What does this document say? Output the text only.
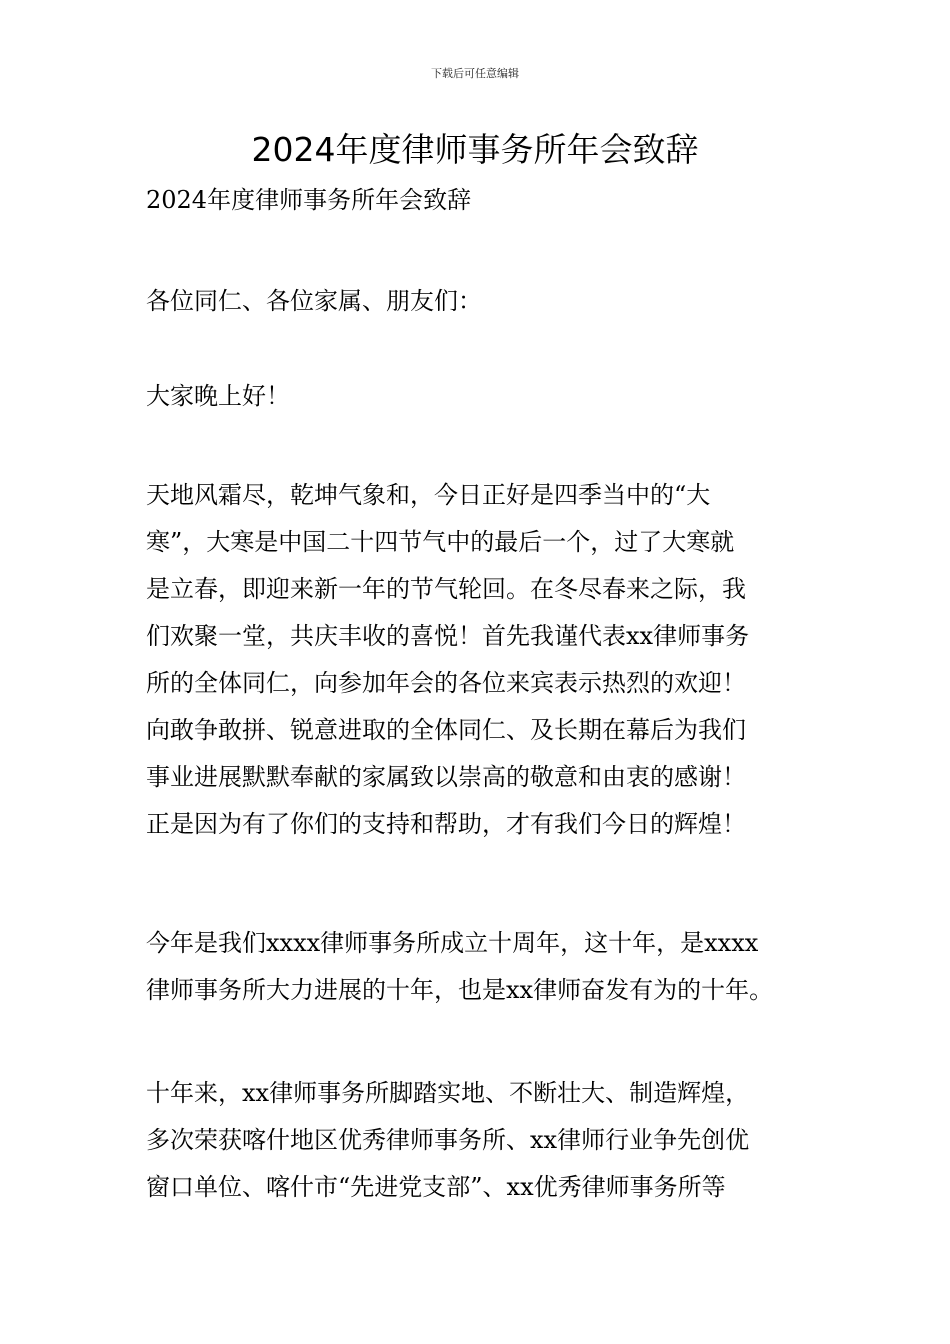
下载后可任意编辑
2024年度律师事务所年会致辞
2024年度律师事务所年会致辞

各位同仁、各位家属、朋友们：

大家晚上好！

天地风霜尽，乾坤气象和，今日正好是四季当中的“大
寒”，大寒是中国二十四节气中的最后一个，过了大寒就
是立春，即迎来新一年的节气轮回。在冬尽春来之际，我
们欢聚一堂，共庆丰收的喜悦！首先我谨代表xx律师事务
所的全体同仁，向参加年会的各位来宾表示热烈的欢迎！
向敢争敢拼、锐意进取的全体同仁、及长期在幕后为我们
事业进展默默奉献的家属致以崇高的敬意和由衷的感谢！
正是因为有了你们的支持和帮助，才有我们今日的辉煌！
今年是我们xxxx律师事务所成立十周年，这十年，是xxxx
律师事务所大力进展的十年，也是xx律师奋发有为的十年。
十年来，xx律师事务所脚踏实地、不断壮大、制造辉煌，
多次荣获喀什地区优秀律师事务所、xx律师行业争先创优
窗口单位、喀什市“先进党支部”、xx优秀律师事务所等
